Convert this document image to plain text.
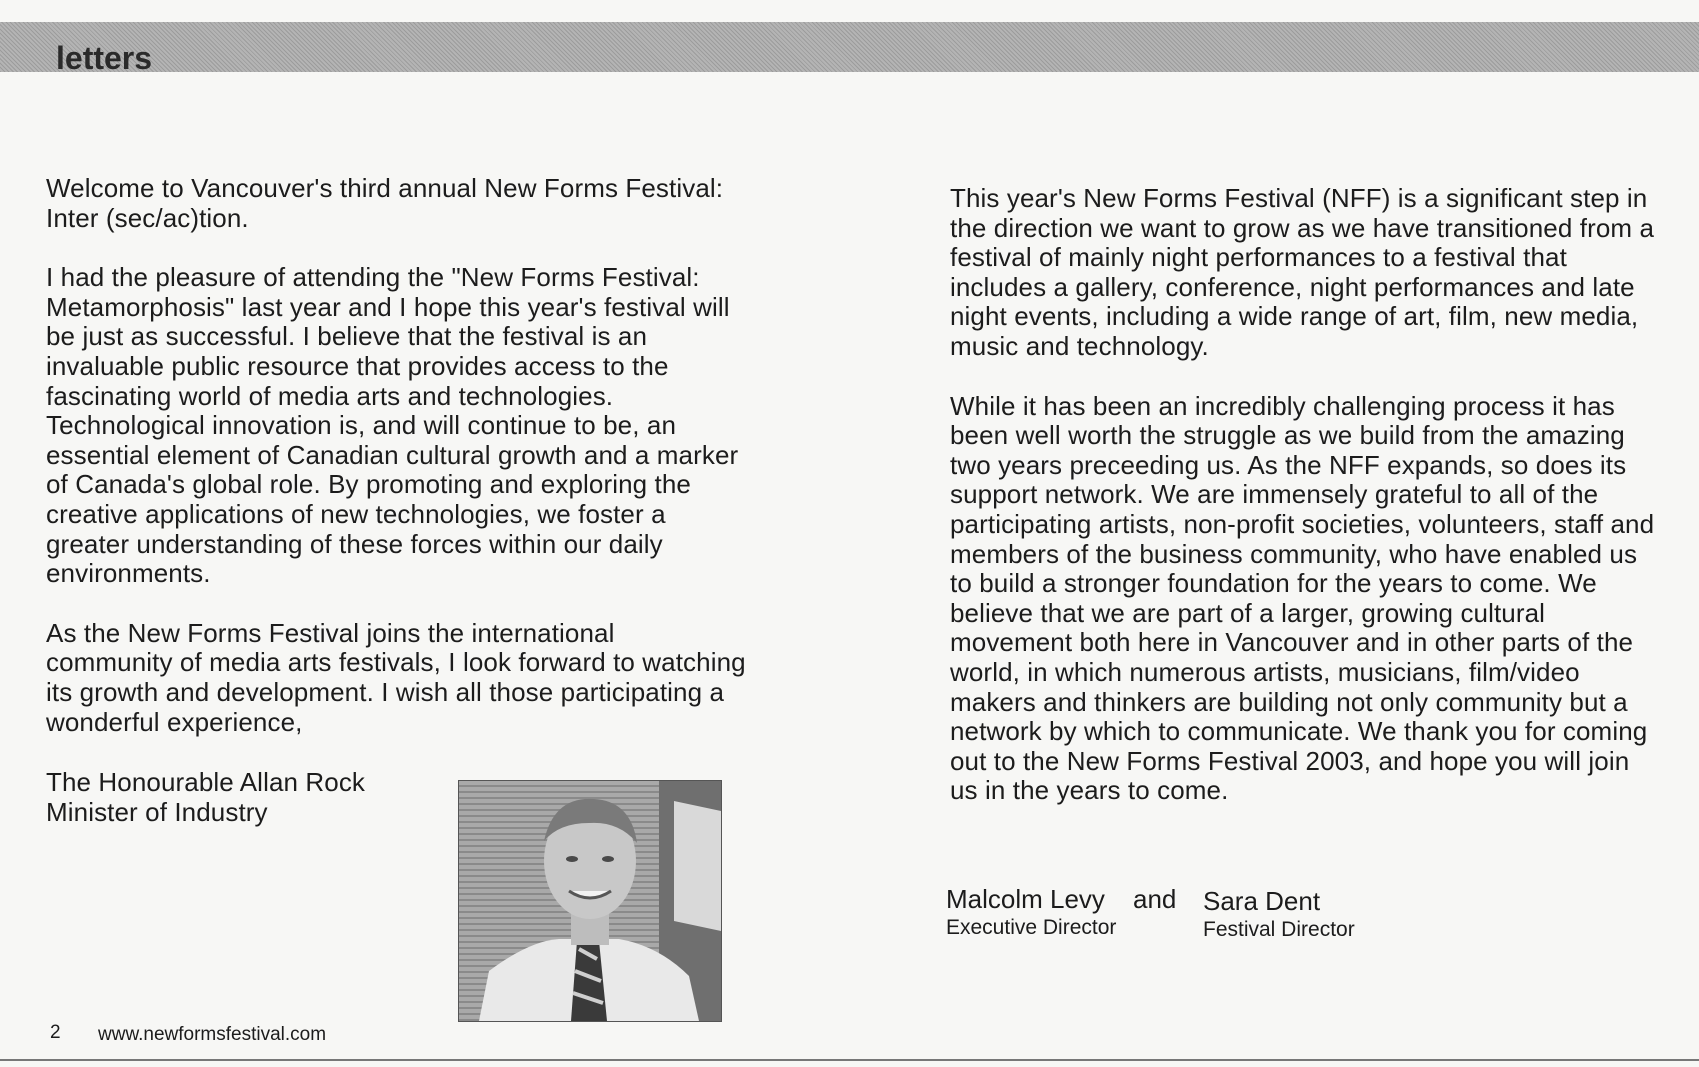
letters

Welcome to Vancouver's third annual New Forms Festival: Inter (sec/ac)tion.

I had the pleasure of attending the "New Forms Festival: Metamorphosis" last year and I hope this year's festival will be just as successful. I believe that the festival is an invaluable public resource that provides access to the fascinating world of media arts and technologies. Technological innovation is, and will continue to be, an essential element of Canadian cultural growth and a marker of Canada's global role. By promoting and exploring the creative applications of new technologies, we foster a greater understanding of these forces within our daily environments.

As the New Forms Festival joins the international community of media arts festivals, I look forward to watching its growth and development. I wish all those participating a wonderful experience,

The Honourable Allan Rock
Minister of Industry

This year's New Forms Festival (NFF) is a significant step in the direction we want to grow as we have transitioned from a festival of mainly night performances to a festival that includes a gallery, conference, night performances and late night events, including a wide range of art, film, new media, music and technology.

While it has been an incredibly challenging process it has been well worth the struggle as we build from the amazing two years preceeding us. As the NFF expands, so does its support network. We are immensely grateful to all of the participating artists, non-profit societies, volunteers, staff and members of the business community, who have enabled us to build a stronger foundation for the years to come. We believe that we are part of a larger, growing cultural movement both here in Vancouver and in other parts of the world, in which numerous artists, musicians, film/video makers and thinkers are building not only community but a network by which to communicate. We thank you for coming out to the New Forms Festival 2003, and hope you will join us in the years to come.

Malcolm Levy
Executive Director
and Sara Dent
Festival Director
2 www.newformsfestival.com
